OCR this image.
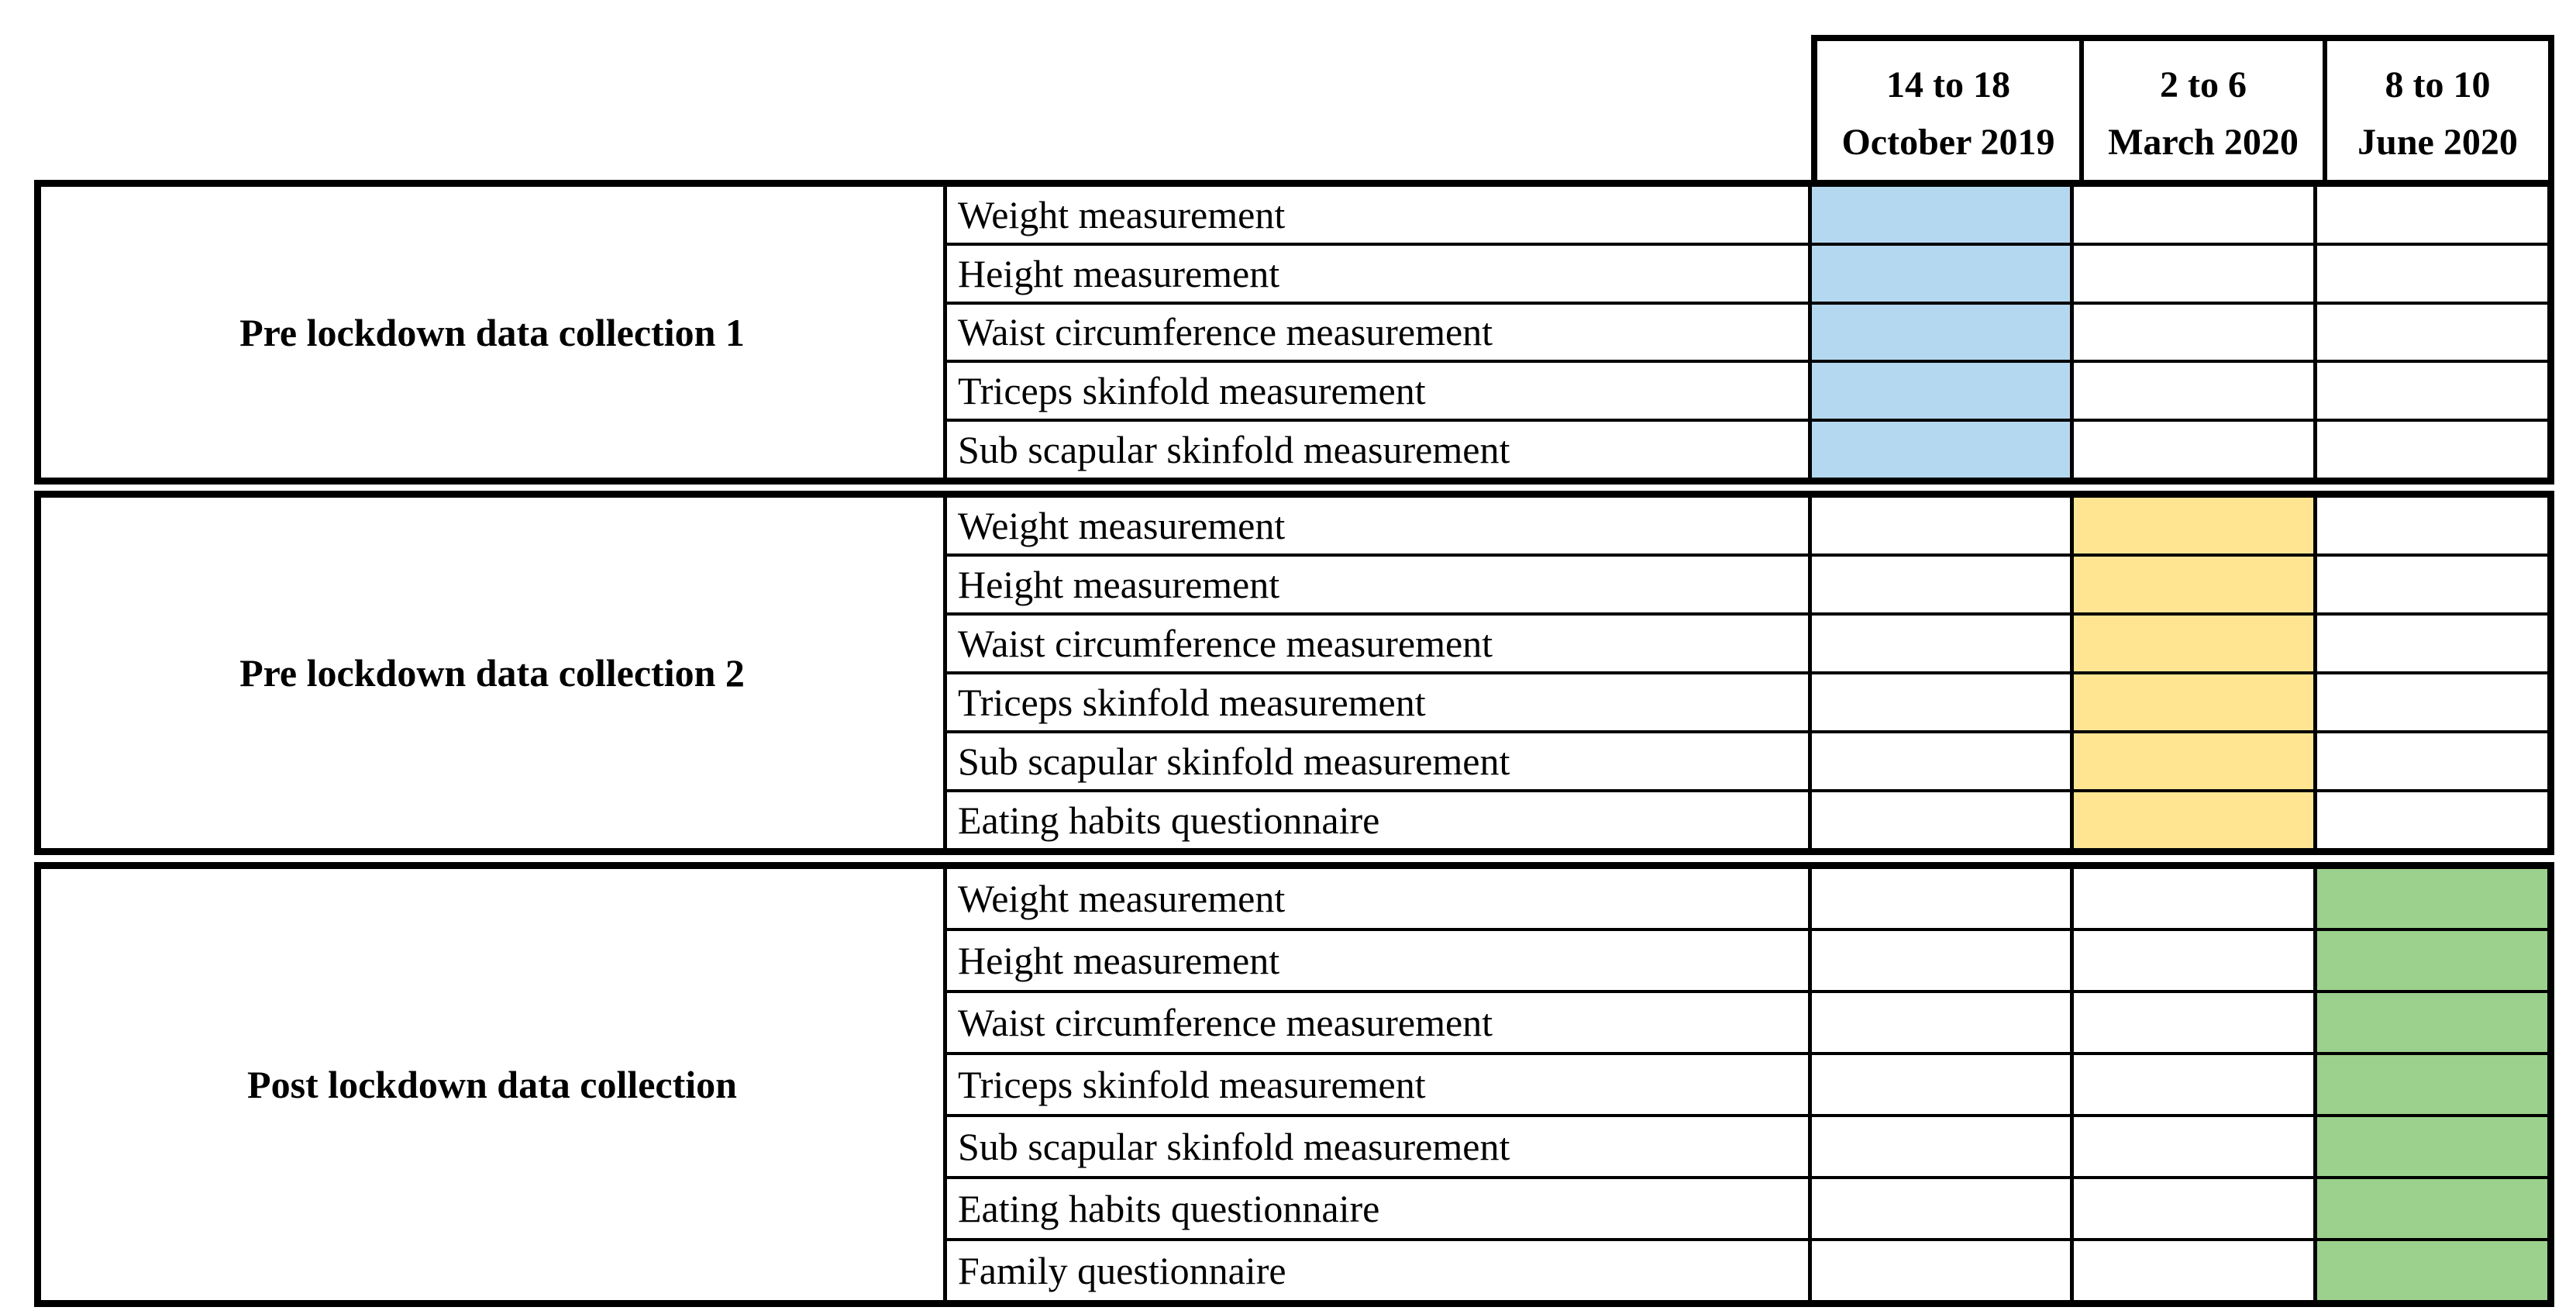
14 to 18
October 2019
2 to 6
March 2020
8 to 10
June 2020
Pre lockdown data collection 1
Weight measurement
Height measurement
Waist circumference measurement
Triceps skinfold measurement
Sub scapular skinfold measurement
Pre lockdown data collection 2
Weight measurement
Height measurement
Waist circumference measurement
Triceps skinfold measurement
Sub scapular skinfold measurement
Eating habits questionnaire
Post lockdown data collection
Weight measurement
Height measurement
Waist circumference measurement
Triceps skinfold measurement
Sub scapular skinfold measurement
Eating habits questionnaire
Family questionnaire
